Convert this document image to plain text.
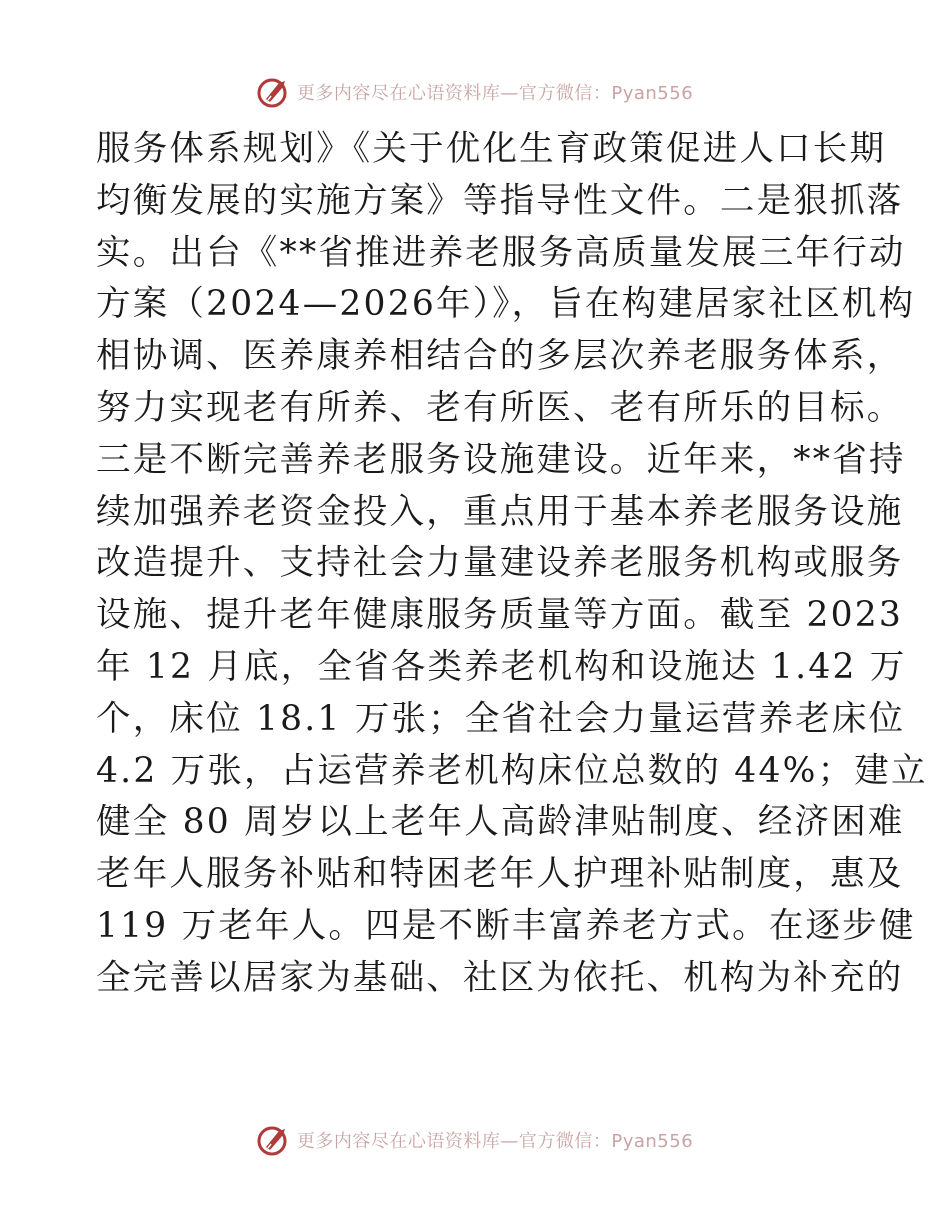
更多内容尽在心语资料库—官方微信：Pyan556
服务体系规划》《关于优化生育政策促进人口长期
均衡发展的实施方案》等指导性文件。二是狠抓落
实。出台《**省推进养老服务高质量发展三年行动
方案（2024—2026年）》，旨在构建居家社区机构
相协调、医养康养相结合的多层次养老服务体系，
努力实现老有所养、老有所医、老有所乐的目标。
三是不断完善养老服务设施建设。近年来，**省持
续加强养老资金投入，重点用于基本养老服务设施
改造提升、支持社会力量建设养老服务机构或服务
设施、提升老年健康服务质量等方面。截至 2023
年 12 月底，全省各类养老机构和设施达 1.42 万
个，床位 18.1 万张；全省社会力量运营养老床位
4.2 万张，占运营养老机构床位总数的 44%；建立
健全 80 周岁以上老年人高龄津贴制度、经济困难
老年人服务补贴和特困老年人护理补贴制度，惠及
119 万老年人。四是不断丰富养老方式。在逐步健
全完善以居家为基础、社区为依托、机构为补充的
更多内容尽在心语资料库—官方微信：Pyan556
